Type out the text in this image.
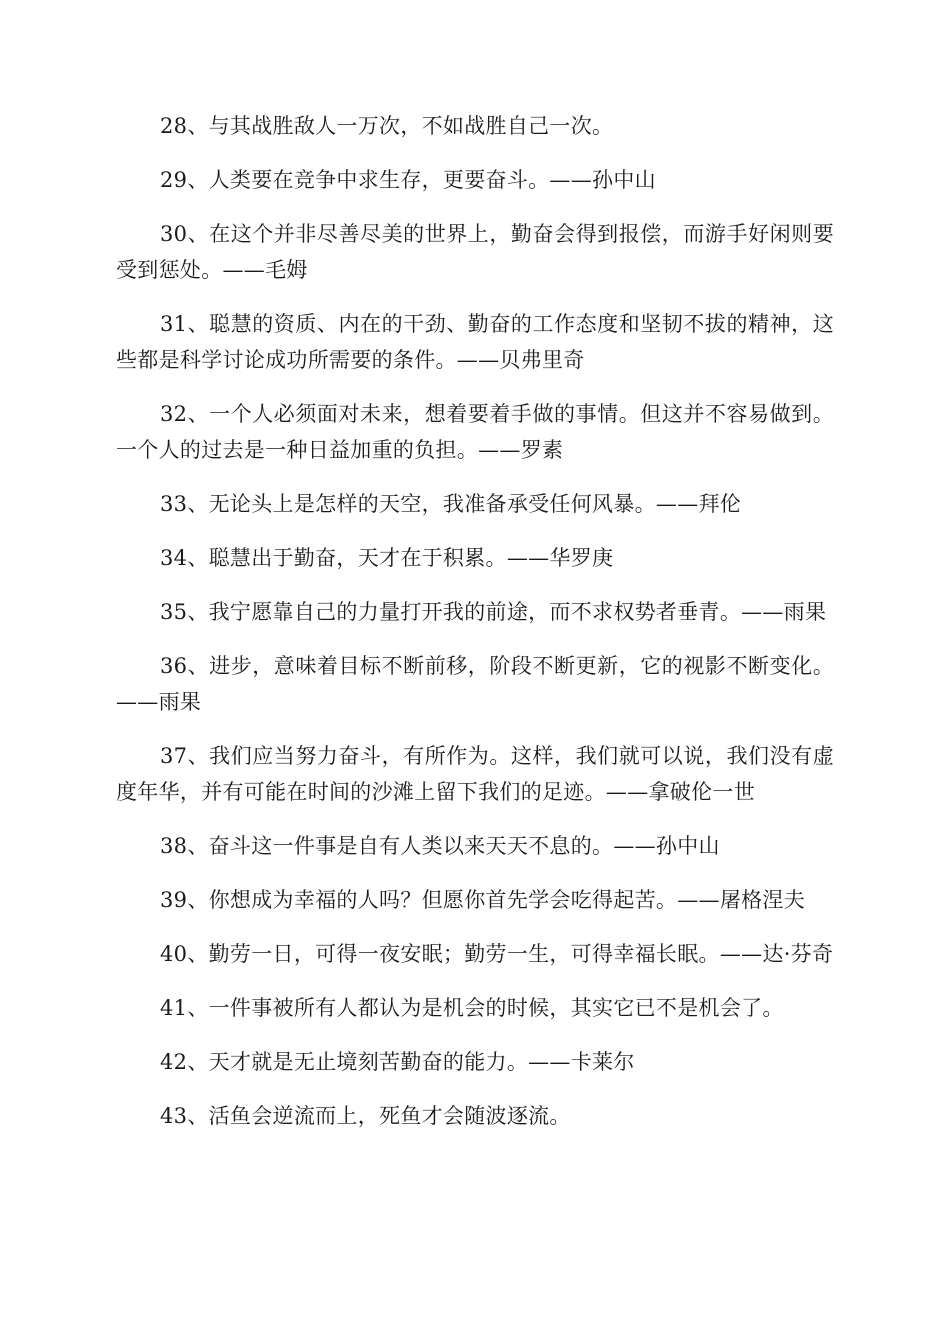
28、与其战胜敌人一万次，不如战胜自己一次。

29、人类要在竞争中求生存，更要奋斗。——孙中山

30、在这个并非尽善尽美的世界上，勤奋会得到报偿，而游手好闲则要受到惩处。——毛姆

31、聪慧的资质、内在的干劲、勤奋的工作态度和坚韧不拔的精神，这些都是科学讨论成功所需要的条件。——贝弗里奇

32、一个人必须面对未来，想着要着手做的事情。但这并不容易做到。一个人的过去是一种日益加重的负担。——罗素

33、无论头上是怎样的天空，我准备承受任何风暴。——拜伦

34、聪慧出于勤奋，天才在于积累。——华罗庚

35、我宁愿靠自己的力量打开我的前途，而不求权势者垂青。——雨果

36、进步，意味着目标不断前移，阶段不断更新，它的视影不断变化。——雨果

37、我们应当努力奋斗，有所作为。这样，我们就可以说，我们没有虚度年华，并有可能在时间的沙滩上留下我们的足迹。——拿破伦一世

38、奋斗这一件事是自有人类以来天天不息的。——孙中山

39、你想成为幸福的人吗？但愿你首先学会吃得起苦。——屠格涅夫

40、勤劳一日，可得一夜安眠；勤劳一生，可得幸福长眠。——达·芬奇

41、一件事被所有人都认为是机会的时候，其实它已不是机会了。

42、天才就是无止境刻苦勤奋的能力。——卡莱尔

43、活鱼会逆流而上，死鱼才会随波逐流。
